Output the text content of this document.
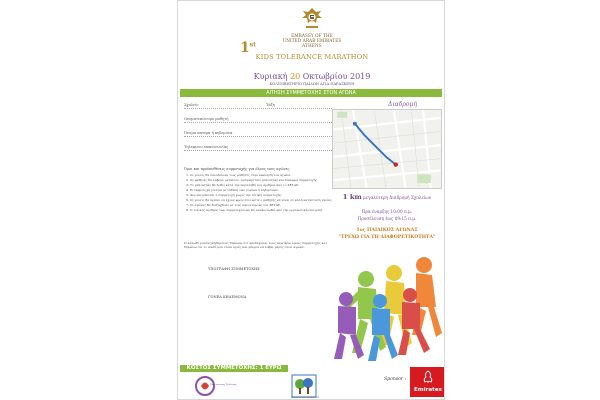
EMBASSY OF THE
UNITED ARAB EMIRATES
ATHENS
1st
KIDS TOLERANCE MARATHON
Κυριακή 20 Οκτωβρίου 2019
ΚΟΛΥΜΒΗΤΗΡΙΟ ΠΑΙΔΩΝ ΑΓΙΑ ΠΑΡΑΣΚΕΥΗ
ΑΙΤΗΣΗ ΣΥΜΜΕΤΟΧΗΣ ΣΤΟΝ ΑΓΩΝΑ
Σχολείο	Τάξη
Ονοματεπώνυμο μαθητή
Όνομα πατέρα ή κηδεμόνα
Τηλέφωνο επικοινωνίας
Όροι και προϋποθέσεις συμμετοχής για όλους τους αγώνες
1. Οι γονείς θα συνοδεύουν τους μαθητές στην εκκίνηση του αγώνα.
2. Οι μαθητές θα λάβουν μετάλλιο, αναμνηστικό μπλουζάκι και δίπλωμα συμμετοχής.
3. Το μπλουζάκι θα δοθεί κατά την παραλαβή του αριθμού από το ΣΕΓΑΣ.
4. Η συμμετοχή γίνεται με ευθύνη των γονέων ή κηδεμόνων.
5. Δεν επιτρέπεται η συμμετοχή χωρίς την αίτηση συμμετοχής.
6. Οι γονείς θα πρέπει να έχουν φροντίσει ώστε ο μαθητής να είναι σε καλή κατάσταση υγείας.
7. Οι αγώνες θα διεξαχθούν με τους κανονισμούς του ΣΕΓΑΣ.
8. Ο τελικός αριθμός των συμμετεχόντων θα ανακοινωθεί από την οργανωτική επιτροπή.
Ο κάτωθι γονέας/κηδεμόνας δηλώνω ότι αποδέχομαι τους ανωτέρω όρους συμμετοχής και δηλώνω ότι το παιδί μου είναι υγιές και μπορεί να λάβει μέρος στον αγώνα.
ΥΠΟΓΡΑΦΗ ΣΥΜΜΕΤΟΧΗΣ
ΓΟΝΕΑ ΚΗΔΕΜΟΝΑ
Διαδρομή
1 km μεγαλύτερη Διαδρομή Σχολείων
Ώρα έναρξης 10:00 π.μ.
Προσέλευση έως 09:15 π.μ.
1ος ΠΑΙΔΙΚΟΣ ΑΓΩΝΑΣ
"ΤΡΕΧΩ ΓΙΑ ΤΗ ΔΙΑΦΟΡΕΤΙΚΟΤΗΤΑ"
ΚΟΣΤΟΣ ΣΥΜΜΕΤΟΧΗΣ: 1 ΕΥΡΩ
Πολιτιστικός Σύλλογος
ΔΗΜΟΣ ΑΓΙΑΣ ΠΑΡΑΣΚΕΥΗΣ
Sponsor :
Emirates
